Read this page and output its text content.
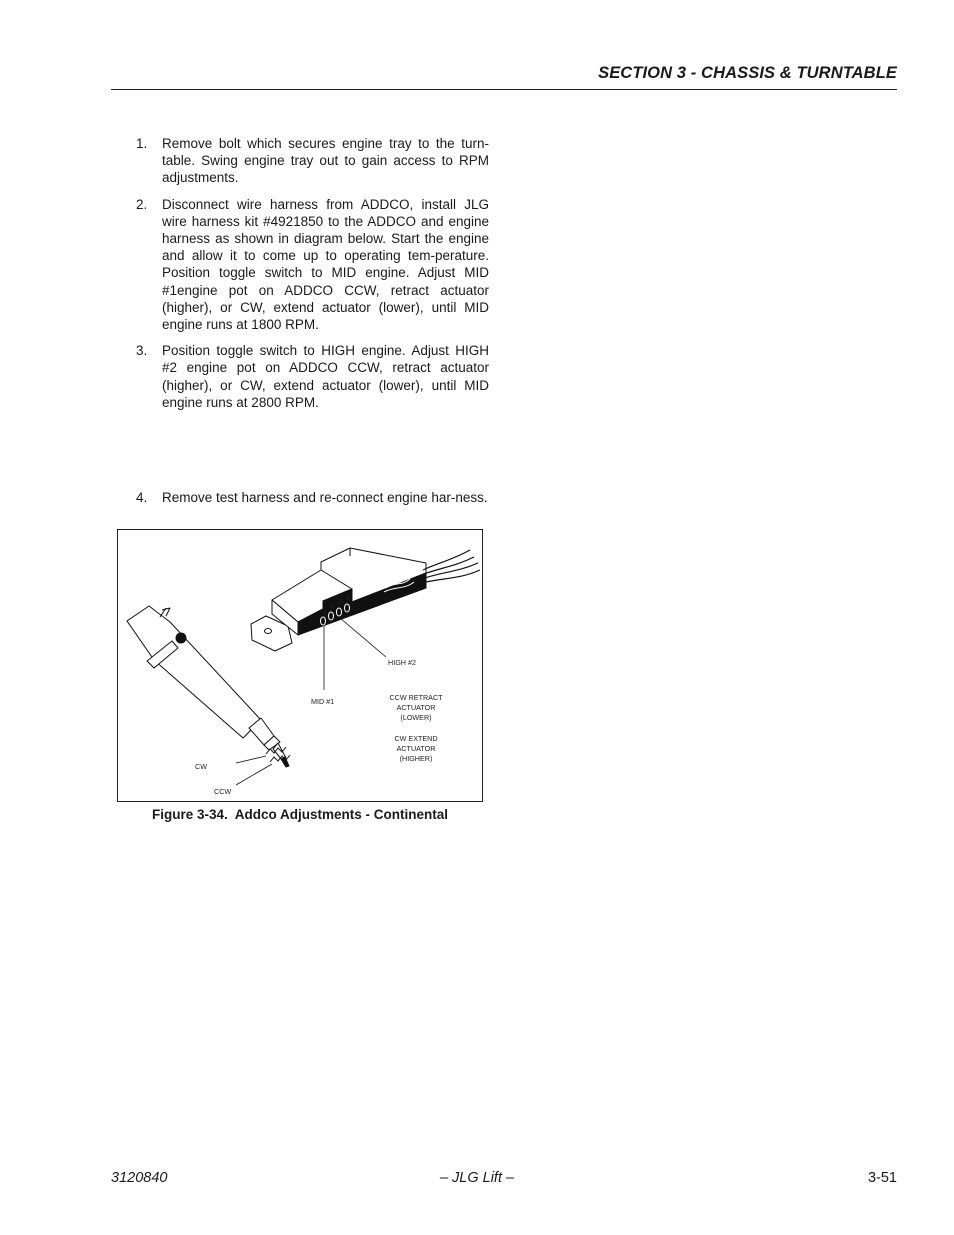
SECTION 3 - CHASSIS & TURNTABLE
1. Remove bolt which secures engine tray to the turn-table. Swing engine tray out to gain access to RPM adjustments.
2. Disconnect wire harness from ADDCO, install JLG wire harness kit #4921850 to the ADDCO and engine harness as shown in diagram below. Start the engine and allow it to come up to operating tem-perature. Position toggle switch to MID engine. Adjust MID #1engine pot on ADDCO CCW, retract actuator (higher), or CW, extend actuator (lower), until MID engine runs at 1800 RPM.
3. Position toggle switch to HIGH engine. Adjust HIGH #2 engine pot on ADDCO CCW, retract actuator (higher), or CW, extend actuator (lower), until MID engine runs at 2800 RPM.
4. Remove test harness and re-connect engine har-ness.
1
2 3 4
HIGH #2
MID #1	CCW RETRACT
ACTUATOR
(LOWER)
CW EXTEND
ACTUATOR
(HIGHER)
CW
CCW
Figure 3-34.  Addco Adjustments - Continental
3120840	– JLG Lift –	3-51
